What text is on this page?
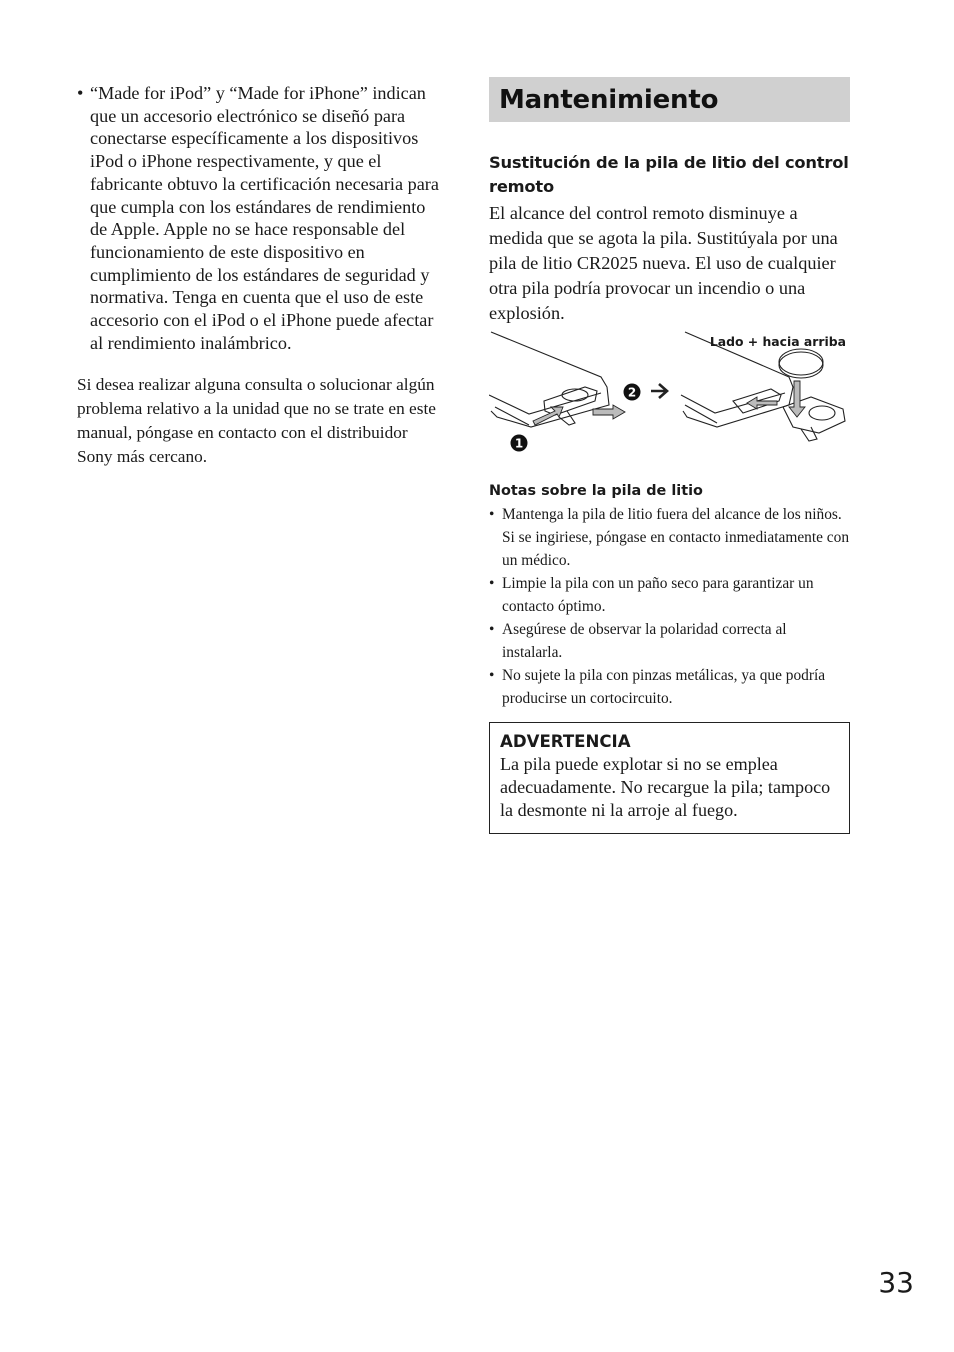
• “Made for iPod” y “Made for iPhone” indican que un accesorio electrónico se diseñó para conectarse específicamente a los dispositivos iPod o iPhone respectivamente, y que el fabricante obtuvo la certificación necesaria para que cumpla con los estándares de rendimiento de Apple. Apple no se hace responsable del funcionamiento de este dispositivo en cumplimiento de los estándares de seguridad y normativa. Tenga en cuenta que el uso de este accesorio con el iPod o el iPhone puede afectar al rendimiento inalámbrico.
Si desea realizar alguna consulta o solucionar algún problema relativo a la unidad que no se trate en este manual, póngase en contacto con el distribuidor Sony más cercano.
Mantenimiento
Sustitución de la pila de litio del control remoto
El alcance del control remoto disminuye a medida que se agota la pila. Sustitúyala por una pila de litio CR2025 nueva. El uso de cualquier otra pila podría provocar un incendio o una explosión.
1
2
Lado + hacia arriba
Notas sobre la pila de litio
• Mantenga la pila de litio fuera del alcance de los niños. Si se ingiriese, póngase en contacto inmediatamente con un médico.
• Limpie la pila con un paño seco para garantizar un contacto óptimo.
• Asegúrese de observar la polaridad correcta al instalarla.
• No sujete la pila con pinzas metálicas, ya que podría producirse un cortocircuito.
ADVERTENCIA
La pila puede explotar si no se emplea adecuadamente. No recargue la pila; tampoco la desmonte ni la arroje al fuego.
33
